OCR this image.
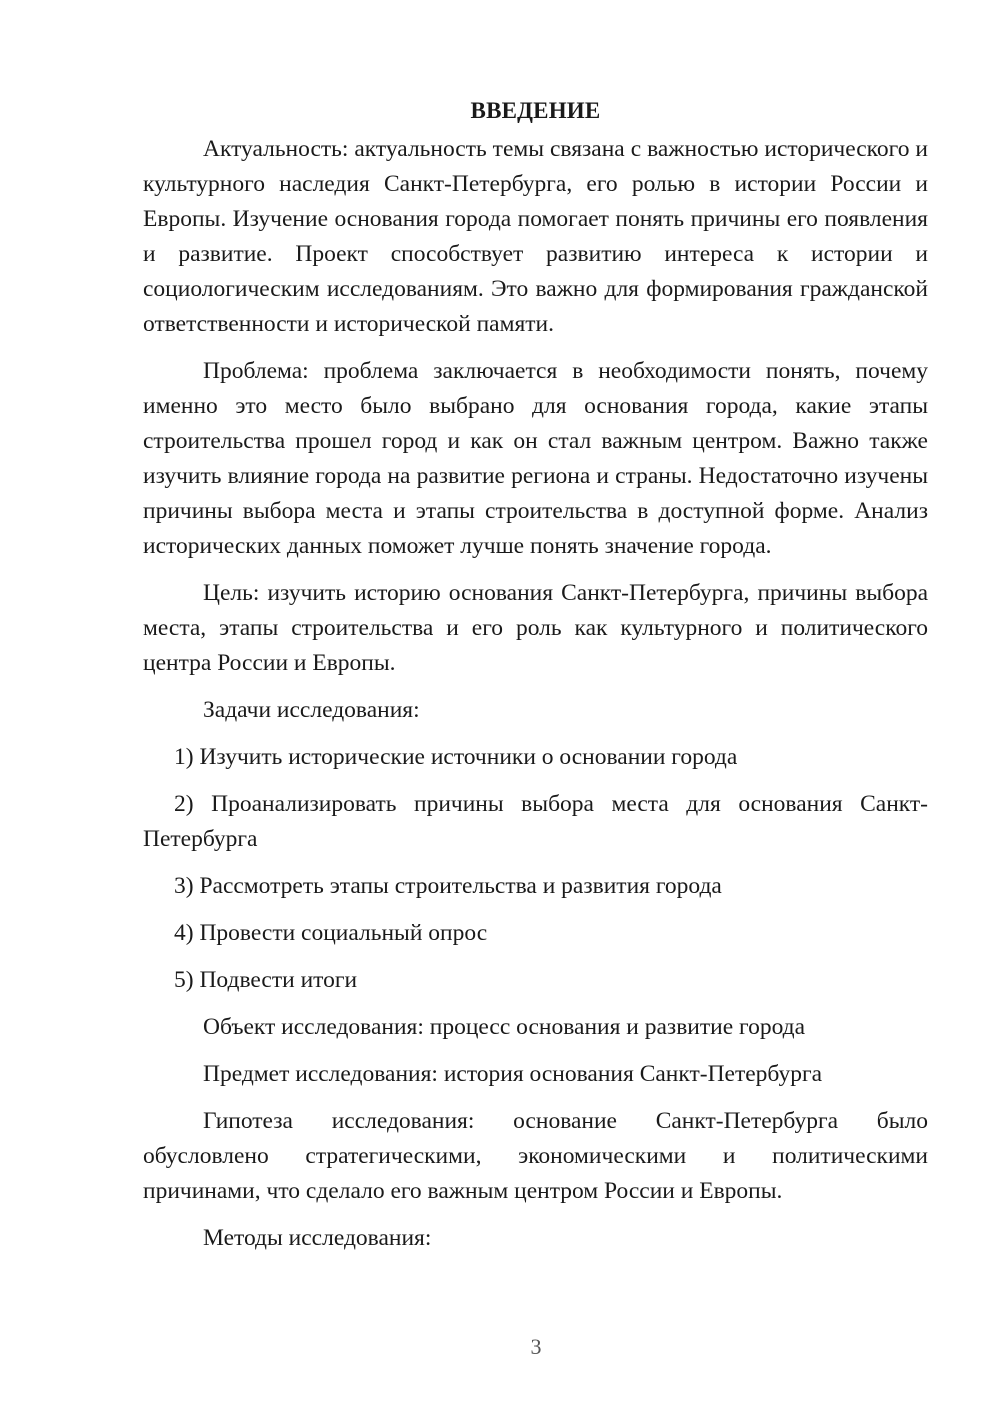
ВВЕДЕНИЕ

Актуальность: актуальность темы связана с важностью исторического и культурного наследия Санкт-Петербурга, его ролью в истории России и Европы. Изучение основания города помогает понять причины его появления и развитие. Проект способствует развитию интереса к истории и социологическим исследованиям. Это важно для формирования гражданской ответственности и исторической памяти.

Проблема: проблема заключается в необходимости понять, почему именно это место было выбрано для основания города, какие этапы строительства прошел город и как он стал важным центром. Важно также изучить влияние города на развитие региона и страны. Недостаточно изучены причины выбора места и этапы строительства в доступной форме. Анализ исторических данных поможет лучше понять значение города.

Цель: изучить историю основания Санкт-Петербурга, причины выбора места, этапы строительства и его роль как культурного и политического центра России и Европы.

Задачи исследования:

1) Изучить исторические источники о основании города

2) Проанализировать причины выбора места для основания Санкт-Петербурга

3) Рассмотреть этапы строительства и развития города

4) Провести социальный опрос

5) Подвести итоги

Объект исследования: процесс основания и развитие города

Предмет исследования: история основания Санкт-Петербурга

Гипотеза исследования: основание Санкт-Петербурга было обусловлено стратегическими, экономическими и политическими причинами, что сделало его важным центром России и Европы.

Методы исследования:

3
